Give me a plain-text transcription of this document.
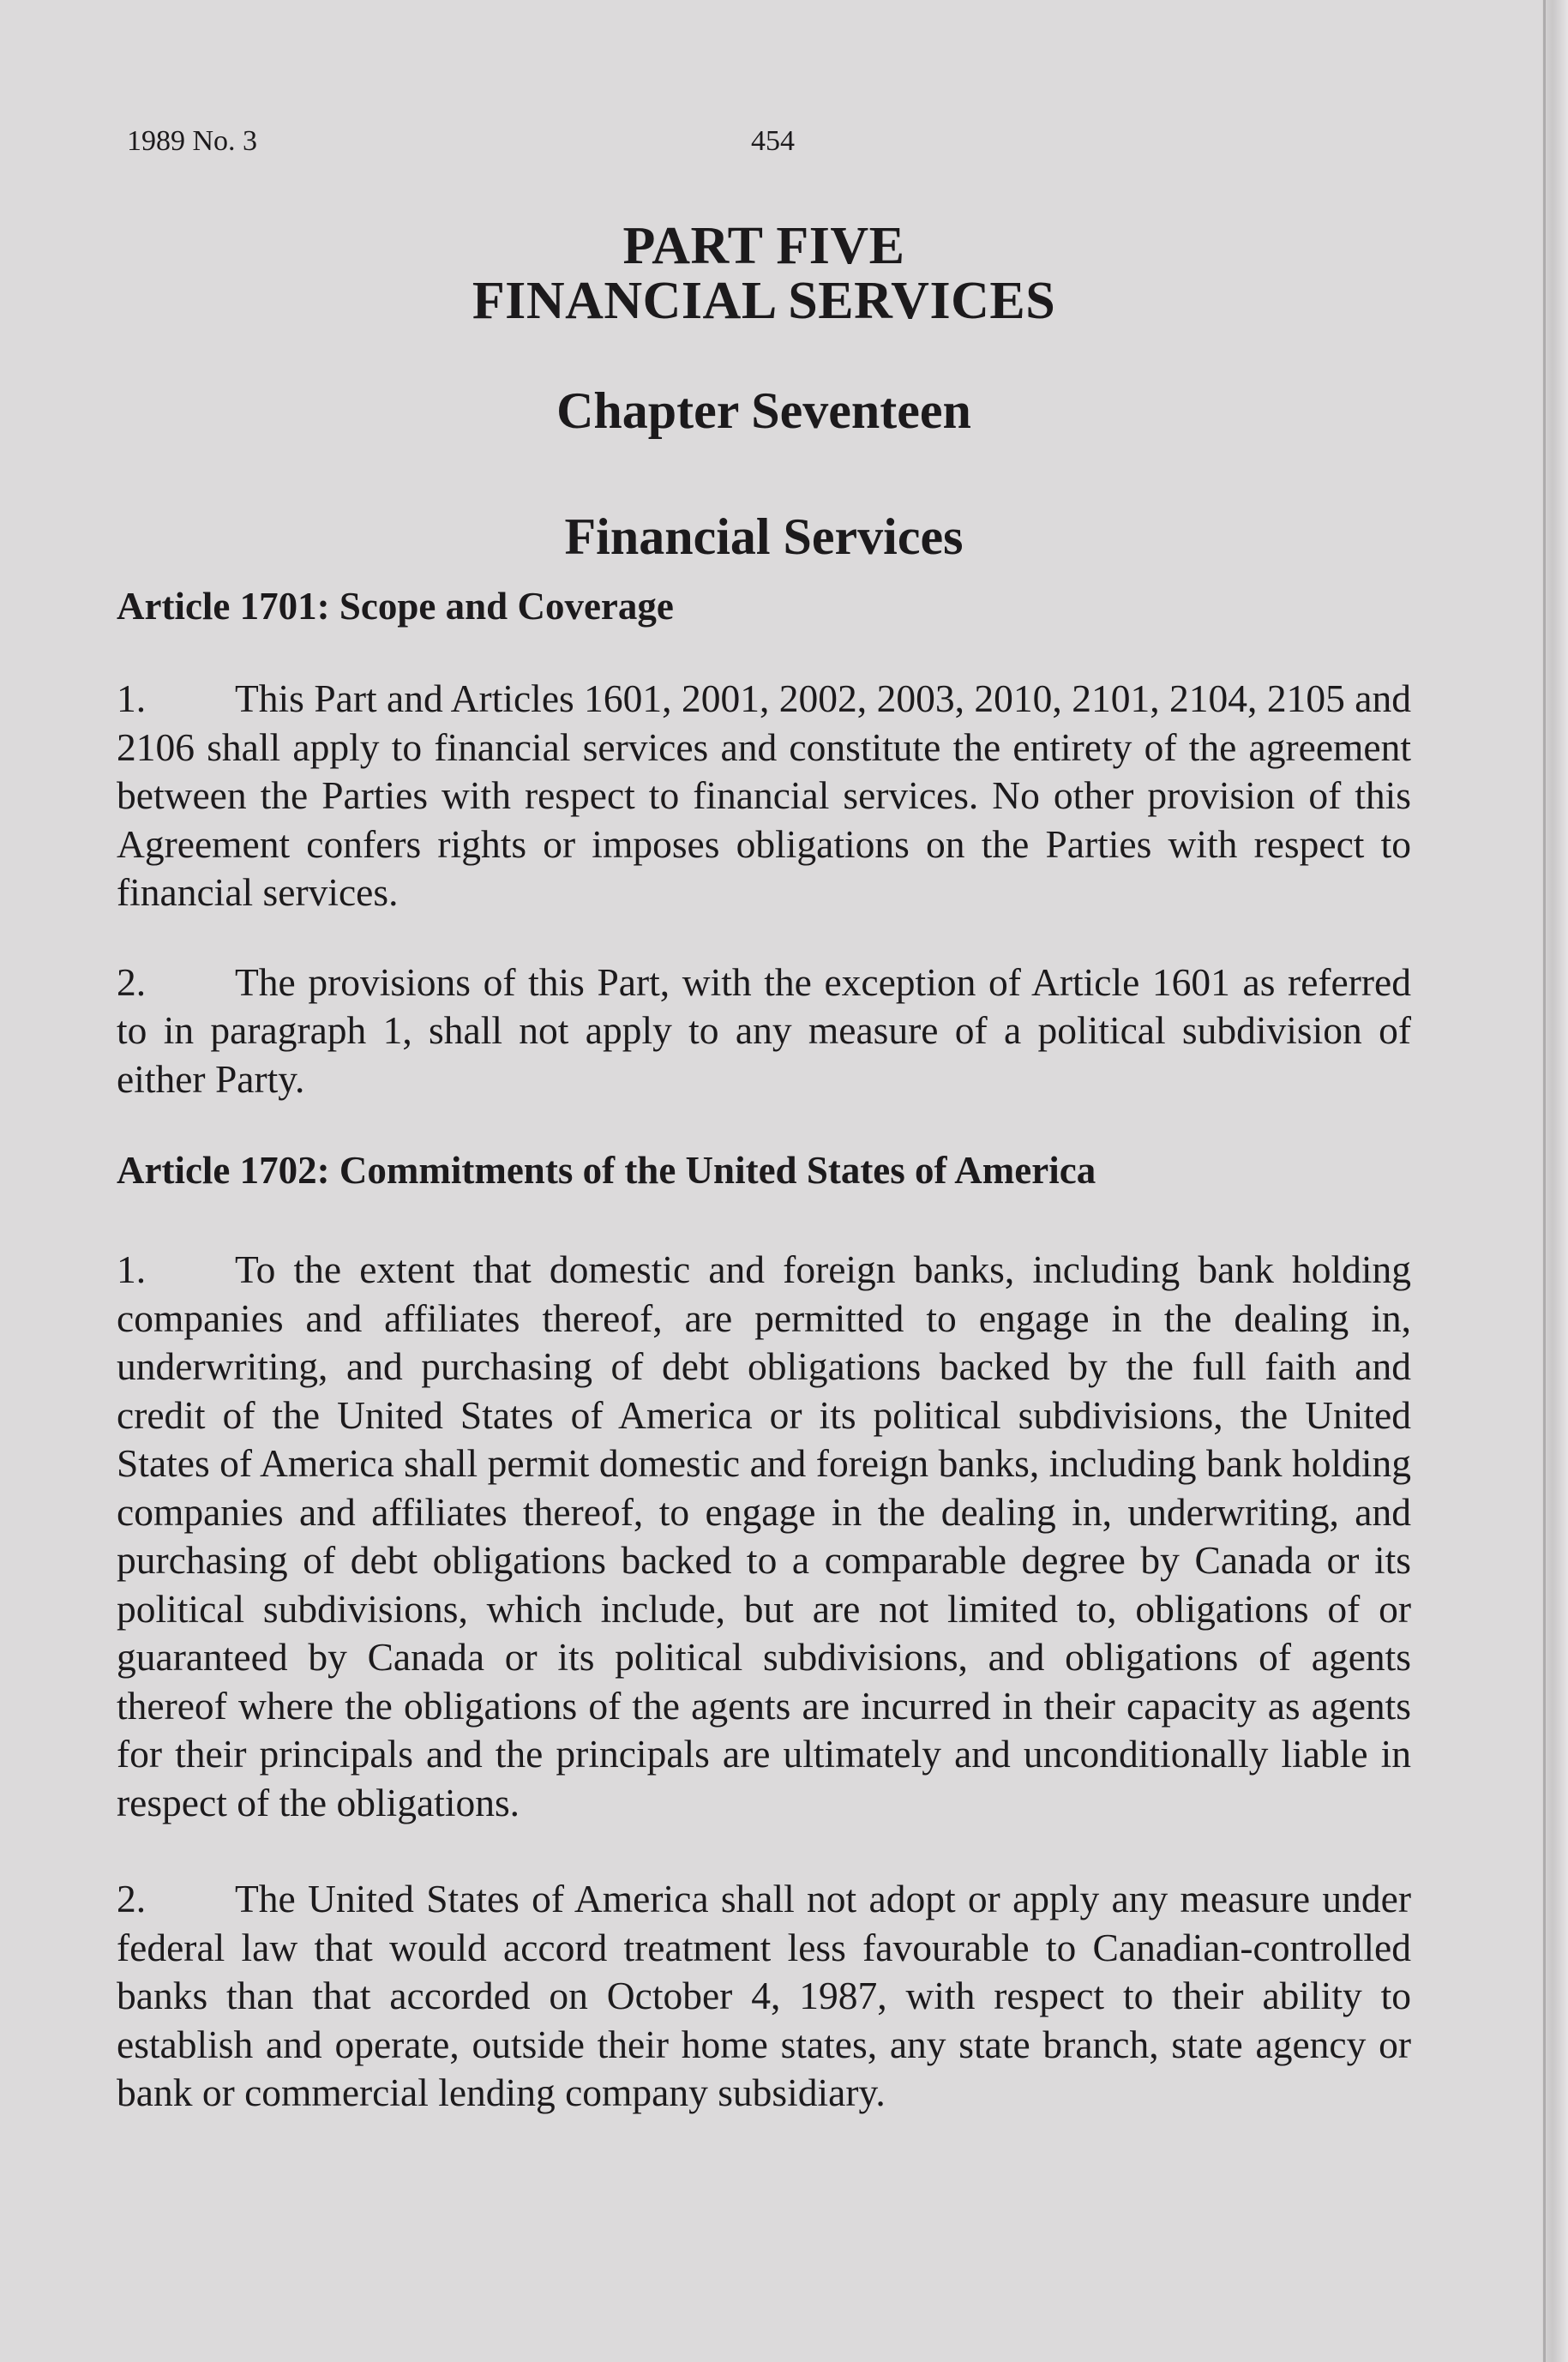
1989 No. 3	454
PART FIVE
FINANCIAL SERVICES
Chapter Seventeen
Financial Services
Article 1701: Scope and Coverage

1. This Part and Articles 1601, 2001, 2002, 2003, 2010, 2101, 2104, 2105 and 2106 shall apply to financial services and constitute the entirety of the agreement between the Parties with respect to financial services. No other provision of this Agreement confers rights or imposes obligations on the Parties with respect to financial services.

2. The provisions of this Part, with the exception of Article 1601 as referred to in paragraph 1, shall not apply to any measure of a political subdivision of either Party.

Article 1702: Commitments of the United States of America

1. To the extent that domestic and foreign banks, including bank holding companies and affiliates thereof, are permitted to engage in the dealing in, underwriting, and purchasing of debt obligations backed by the full faith and credit of the United States of America or its political subdivisions, the United States of America shall permit domestic and foreign banks, including bank holding companies and affiliates thereof, to engage in the dealing in, underwriting, and purchasing of debt obligations backed to a comparable degree by Canada or its political subdivisions, which include, but are not limited to, obligations of or guaranteed by Canada or its political subdivisions, and obligations of agents thereof where the obligations of the agents are incurred in their capacity as agents for their principals and the principals are ultimately and unconditionally liable in respect of the obligations.

2. The United States of America shall not adopt or apply any measure under federal law that would accord treatment less favourable to Canadian-controlled banks than that accorded on October 4, 1987, with respect to their ability to establish and operate, outside their home states, any state branch, state agency or bank or commercial lending company subsidiary.
